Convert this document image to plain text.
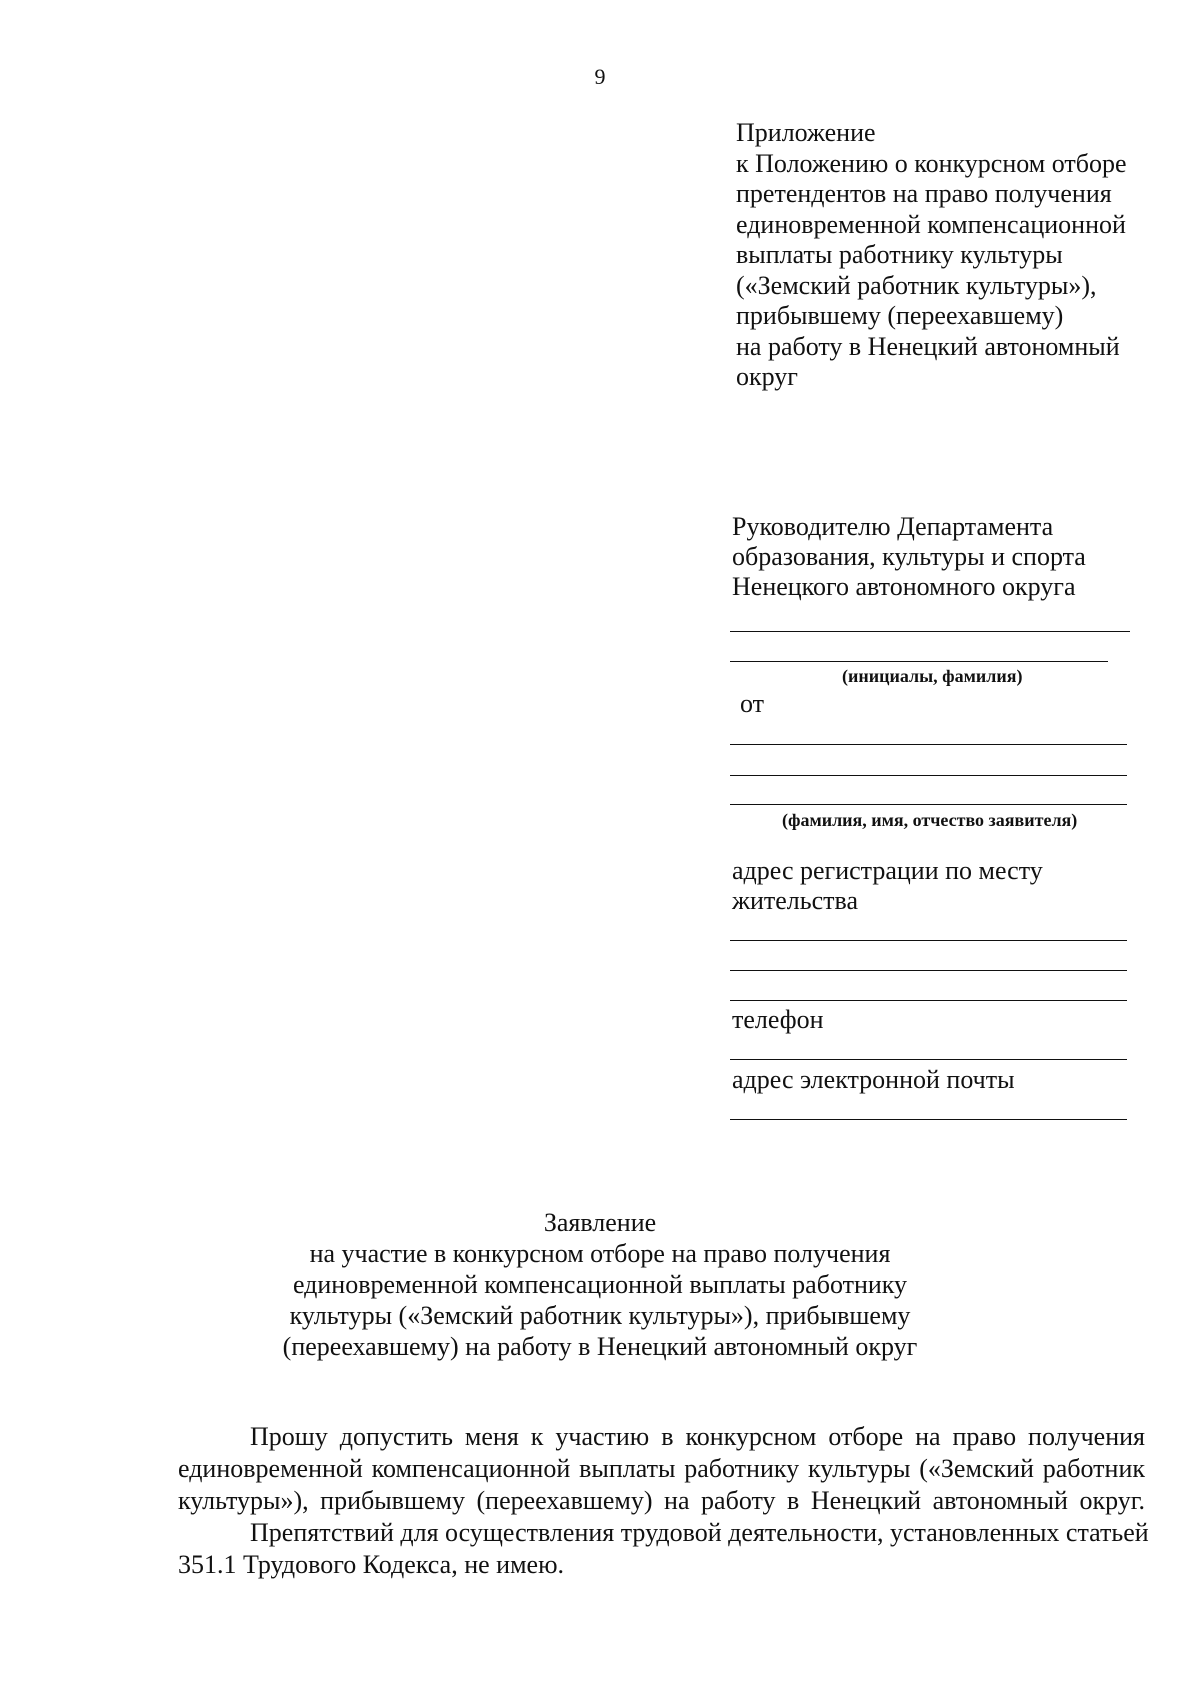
9
Приложение
к Положению о конкурсном отборе
претендентов на право получения
единовременной компенсационной
выплаты работнику культуры
(«Земский работник культуры»),
прибывшему (переехавшему)
на работу в Ненецкий автономный
округ
Руководителю Департамента
образования, культуры и спорта
Ненецкого автономного округа
(инициалы, фамилия)
от
(фамилия, имя, отчество заявителя)
адрес регистрации по месту
жительства
телефон
адрес электронной почты
Заявление
на участие в конкурсном отборе на право получения
единовременной компенсационной выплаты работнику
культуры («Земский работник культуры»), прибывшему
(переехавшему) на работу в Ненецкий автономный округ
Прошу допустить меня к участию в конкурсном отборе на право получения
единовременной компенсационной выплаты работнику культуры («Земский работник
культуры»), прибывшему (переехавшему) на работу в Ненецкий автономный округ.
Препятствий для осуществления трудовой деятельности, установленных статьей
351.1 Трудового Кодекса, не имею.
